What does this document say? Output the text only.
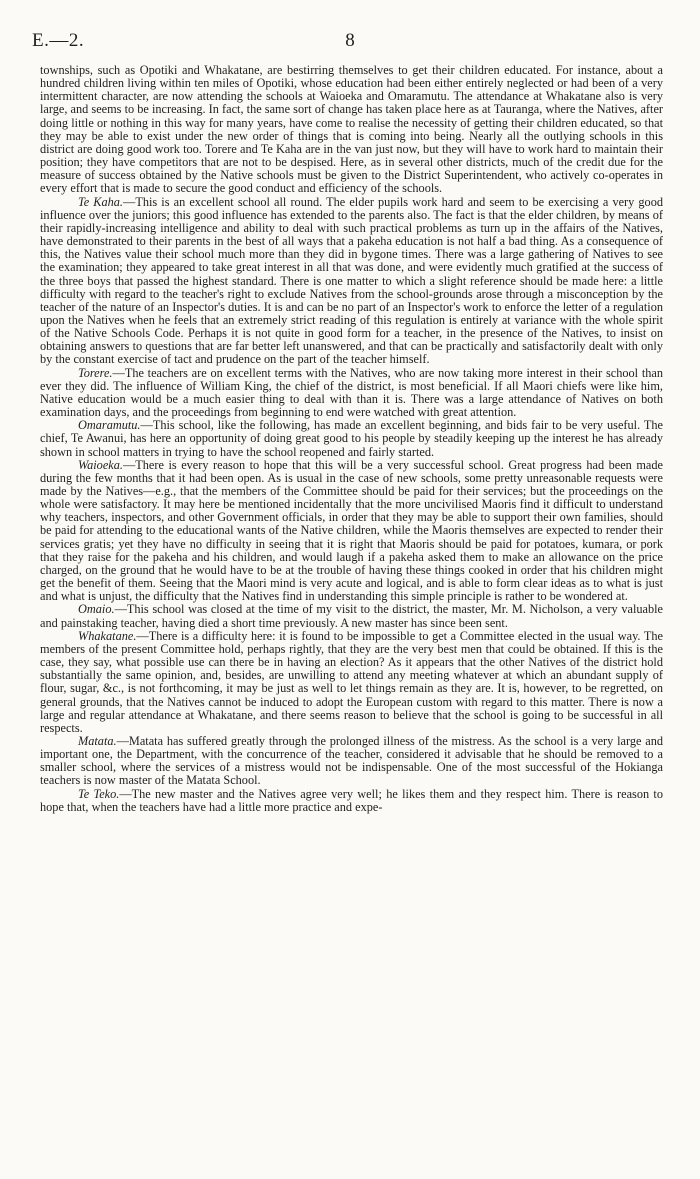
E.—2.	8

townships, such as Opotiki and Whakatane, are bestirring themselves to get their children educated. For instance, about a hundred children living within ten miles of Opotiki, whose education had been either entirely neglected or had been of a very intermittent character, are now attending the schools at Waioeka and Omaramutu. The attendance at Whakatane also is very large, and seems to be increasing. In fact, the same sort of change has taken place here as at Tauranga, where the Natives, after doing little or nothing in this way for many years, have come to realise the necessity of getting their children educated, so that they may be able to exist under the new order of things that is coming into being. Nearly all the outlying schools in this district are doing good work too. Torere and Te Kaha are in the van just now, but they will have to work hard to maintain their position; they have competitors that are not to be despised. Here, as in several other districts, much of the credit due for the measure of success obtained by the Native schools must be given to the District Superintendent, who actively co-operates in every effort that is made to secure the good conduct and efficiency of the schools.

Te Kaha.—This is an excellent school all round. The elder pupils work hard and seem to be exercising a very good influence over the juniors; this good influence has extended to the parents also. The fact is that the elder children, by means of their rapidly-increasing intelligence and ability to deal with such practical problems as turn up in the affairs of the Natives, have demonstrated to their parents in the best of all ways that a pakeha education is not half a bad thing. As a consequence of this, the Natives value their school much more than they did in bygone times. There was a large gathering of Natives to see the examination; they appeared to take great interest in all that was done, and were evidently much gratified at the success of the three boys that passed the highest standard. There is one matter to which a slight reference should be made here: a little difficulty with regard to the teacher's right to exclude Natives from the school-grounds arose through a misconception by the teacher of the nature of an Inspector's duties. It is and can be no part of an Inspector's work to enforce the letter of a regulation upon the Natives when he feels that an extremely strict reading of this regulation is entirely at variance with the whole spirit of the Native Schools Code. Perhaps it is not quite in good form for a teacher, in the presence of the Natives, to insist on obtaining answers to questions that are far better left unanswered, and that can be practically and satisfactorily dealt with only by the constant exercise of tact and prudence on the part of the teacher himself.

Torere.—The teachers are on excellent terms with the Natives, who are now taking more interest in their school than ever they did. The influence of William King, the chief of the district, is most beneficial. If all Maori chiefs were like him, Native education would be a much easier thing to deal with than it is. There was a large attendance of Natives on both examination days, and the proceedings from beginning to end were watched with great attention.

Omaramutu.—This school, like the following, has made an excellent beginning, and bids fair to be very useful. The chief, Te Awanui, has here an opportunity of doing great good to his people by steadily keeping up the interest he has already shown in school matters in trying to have the school reopened and fairly started.

Waioeka.—There is every reason to hope that this will be a very successful school. Great progress had been made during the few months that it had been open. As is usual in the case of new schools, some pretty unreasonable requests were made by the Natives—e.g., that the members of the Committee should be paid for their services; but the proceedings on the whole were satisfactory. It may here be mentioned incidentally that the more uncivilised Maoris find it difficult to understand why teachers, inspectors, and other Government officials, in order that they may be able to support their own families, should be paid for attending to the educational wants of the Native children, while the Maoris themselves are expected to render their services gratis; yet they have no difficulty in seeing that it is right that Maoris should be paid for potatoes, kumara, or pork that they raise for the pakeha and his children, and would laugh if a pakeha asked them to make an allowance on the price charged, on the ground that he would have to be at the trouble of having these things cooked in order that his children might get the benefit of them. Seeing that the Maori mind is very acute and logical, and is able to form clear ideas as to what is just and what is unjust, the difficulty that the Natives find in understanding this simple principle is rather to be wondered at.

Omaio.—This school was closed at the time of my visit to the district, the master, Mr. M. Nicholson, a very valuable and painstaking teacher, having died a short time previously. A new master has since been sent.

Whakatane.—There is a difficulty here: it is found to be impossible to get a Committee elected in the usual way. The members of the present Committee hold, perhaps rightly, that they are the very best men that could be obtained. If this is the case, they say, what possible use can there be in having an election? As it appears that the other Natives of the district hold substantially the same opinion, and, besides, are unwilling to attend any meeting whatever at which an abundant supply of flour, sugar, &c., is not forthcoming, it may be just as well to let things remain as they are. It is, however, to be regretted, on general grounds, that the Natives cannot be induced to adopt the European custom with regard to this matter. There is now a large and regular attendance at Whakatane, and there seems reason to believe that the school is going to be successful in all respects.

Matata.—Matata has suffered greatly through the prolonged illness of the mistress. As the school is a very large and important one, the Department, with the concurrence of the teacher, considered it advisable that he should be removed to a smaller school, where the services of a mistress would not be indispensable. One of the most successful of the Hokianga teachers is now master of the Matata School.

Te Teko.—The new master and the Natives agree very well; he likes them and they respect him. There is reason to hope that, when the teachers have had a little more practice and expe-
